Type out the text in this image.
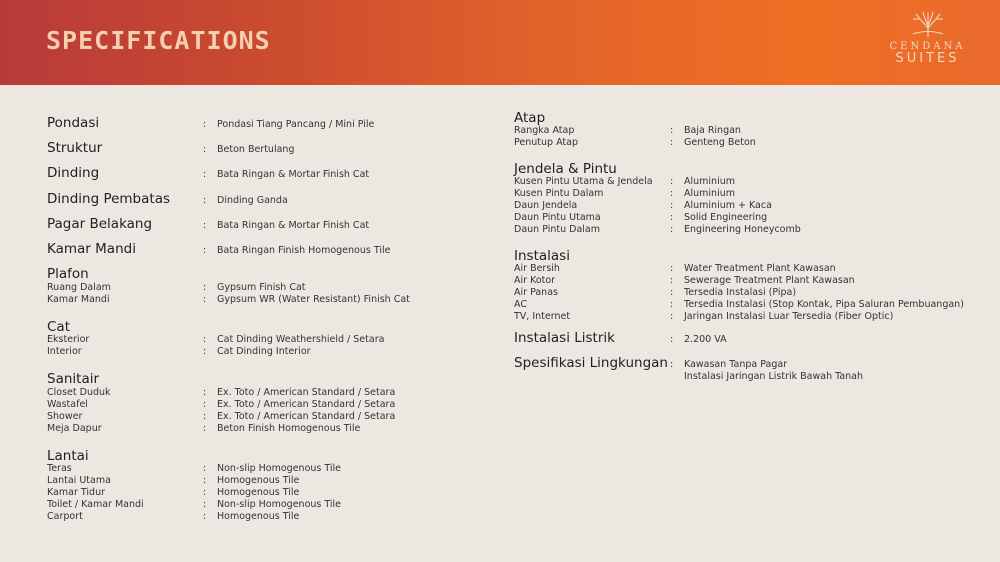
SPECIFICATIONS	CENDANA
SUITES
Pondasi	: Pondasi Tiang Pancang / Mini Pile
Struktur	: Beton Bertulang
Dinding	: Bata Ringan & Mortar Finish Cat
Dinding Pembatas	: Dinding Ganda
Pagar Belakang	: Bata Ringan & Mortar Finish Cat
Kamar Mandi	: Bata Ringan Finish Homogenous Tile
Plafon
Ruang Dalam	: Gypsum Finish Cat
Kamar Mandi	: Gypsum WR (Water Resistant) Finish Cat
Cat
Eksterior	: Cat Dinding Weathershield / Setara
Interior	: Cat Dinding Interior
Sanitair
Closet Duduk	: Ex. Toto / American Standard / Setara
Wastafel	: Ex. Toto / American Standard / Setara
Shower	: Ex. Toto / American Standard / Setara
Meja Dapur	: Beton Finish Homogenous Tile
Lantai
Teras	: Non-slip Homogenous Tile
Lantai Utama	: Homogenous Tile
Kamar Tidur	: Homogenous Tile
Toilet / Kamar Mandi	: Non-slip Homogenous Tile
Carport	: Homogenous Tile
Atap
Rangka Atap	: Baja Ringan
Penutup Atap	: Genteng Beton
Jendela & Pintu
Kusen Pintu Utama & Jendela : Aluminium
Kusen Pintu Dalam	: Aluminium
Daun Jendela	: Aluminium + Kaca
Daun Pintu Utama	: Solid Engineering
Daun Pintu Dalam	: Engineering Honeycomb
Instalasi
Air Bersih	: Water Treatment Plant Kawasan
Air Kotor	: Sewerage Treatment Plant Kawasan
Air Panas	: Tersedia Instalasi (Pipa)
AC	: Tersedia Instalasi (Stop Kontak, Pipa Saluran Pembuangan)
TV, Internet	: Jaringan Instalasi Luar Tersedia (Fiber Optic)
Instalasi Listrik	: 2.200 VA
Spesifikasi Lingkungan : Kawasan Tanpa Pagar
Instalasi Jaringan Listrik Bawah Tanah
